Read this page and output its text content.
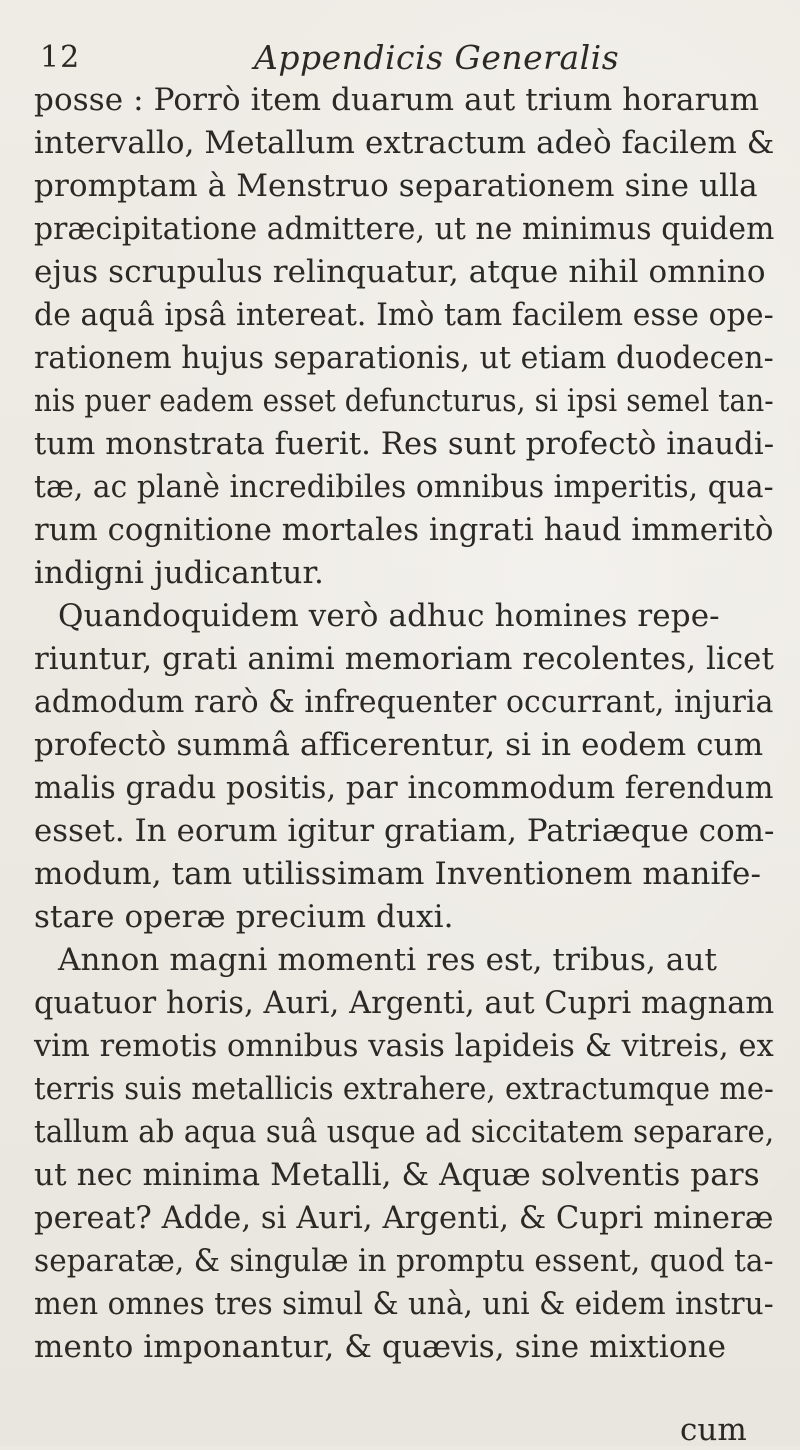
12	Appendicis Generalis
posse : Porrò item duarum aut trium horarum
intervallo, Metallum extractum adeò facilem &
promptam à Menstruo separationem sine ulla
præcipitatione admittere, ut ne minimus quidem
ejus scrupulus relinquatur, atque nihil omnino
de aquâ ipsâ intereat. Imò tam facilem esse ope-
rationem hujus separationis, ut etiam duodecen-
nis puer eadem esset defuncturus, si ipsi semel tan-
tum monstrata fuerit. Res sunt profectò inaudi-
tæ, ac planè incredibiles omnibus imperitis, qua-
rum cognitione mortales ingrati haud immeritò
indigni judicantur.
Quandoquidem verò adhuc homines repe-
riuntur, grati animi memoriam recolentes, licet
admodum rarò & infrequenter occurrant, injuria
profectò summâ afficerentur, si in eodem cum
malis gradu positis, par incommodum ferendum
esset. In eorum igitur gratiam, Patriæque com-
modum, tam utilissimam Inventionem manife-
stare operæ precium duxi.
Annon magni momenti res est, tribus, aut
quatuor horis, Auri, Argenti, aut Cupri magnam
vim remotis omnibus vasis lapideis & vitreis, ex
terris suis metallicis extrahere, extractumque me-
tallum ab aqua suâ usque ad siccitatem separare,
ut nec minima Metalli, & Aquæ solventis pars
pereat? Adde, si Auri, Argenti, & Cupri mineræ
separatæ, & singulæ in promptu essent, quod ta-
men omnes tres simul & unà, uni & eidem instru-
mento imponantur, & quævis, sine mixtione
cum
